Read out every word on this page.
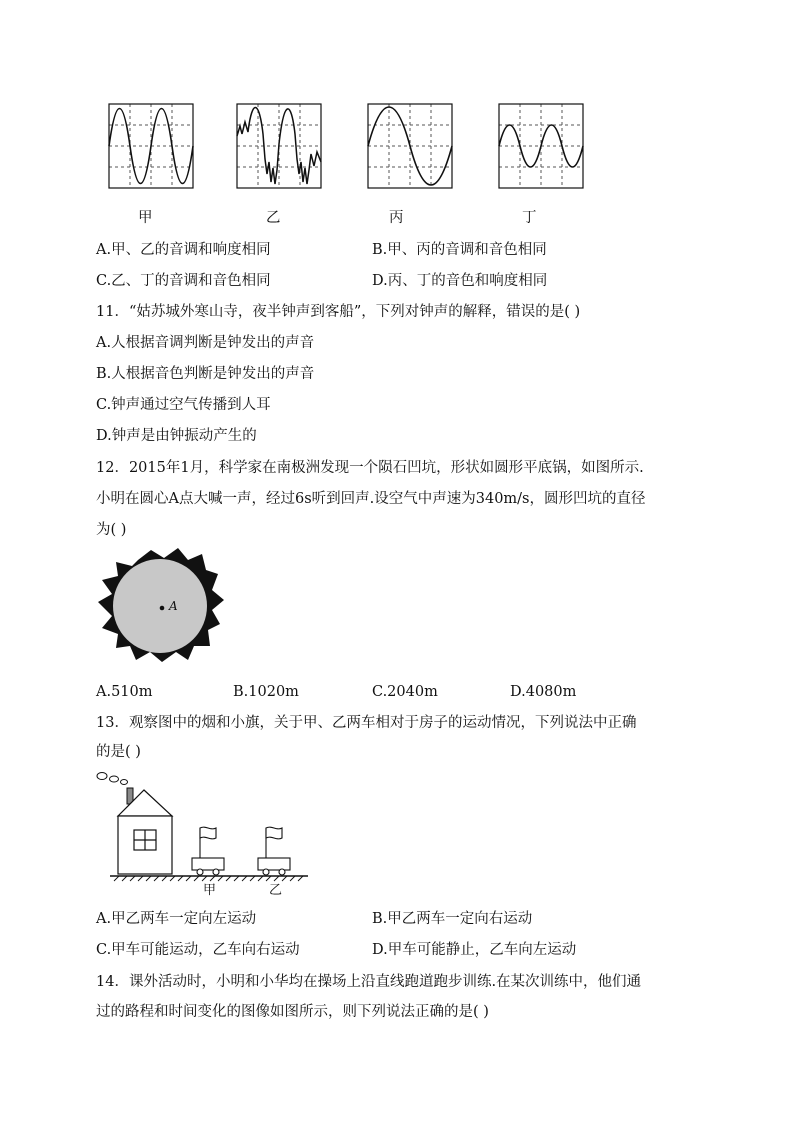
甲	乙	丙	丁
A.甲、乙的音调和响度相同	B.甲、丙的音调和音色相同
C.乙、丁的音调和音色相同	D.丙、丁的音色和响度相同
11．“姑苏城外寒山寺，夜半钟声到客船”，下列对钟声的解释，错误的是( )
A.人根据音调判断是钟发出的声音
B.人根据音色判断是钟发出的声音
C.钟声通过空气传播到人耳
D.钟声是由钟振动产生的
12．2015年1月，科学家在南极洲发现一个陨石凹坑，形状如圆形平底锅，如图所示.
小明在圆心A点大喊一声，经过6s听到回声.设空气中声速为340m/s，圆形凹坑的直径
为( )
A
A.510m	B.1020m	C.2040m	D.4080m
13．观察图中的烟和小旗，关于甲、乙两车相对于房子的运动情况，下列说法中正确
的是( )
甲	乙
A.甲乙两车一定向左运动	B.甲乙两车一定向右运动
C.甲车可能运动，乙车向右运动	D.甲车可能静止，乙车向左运动
14．课外活动时，小明和小华均在操场上沿直线跑道跑步训练.在某次训练中，他们通
过的路程和时间变化的图像如图所示，则下列说法正确的是( )
